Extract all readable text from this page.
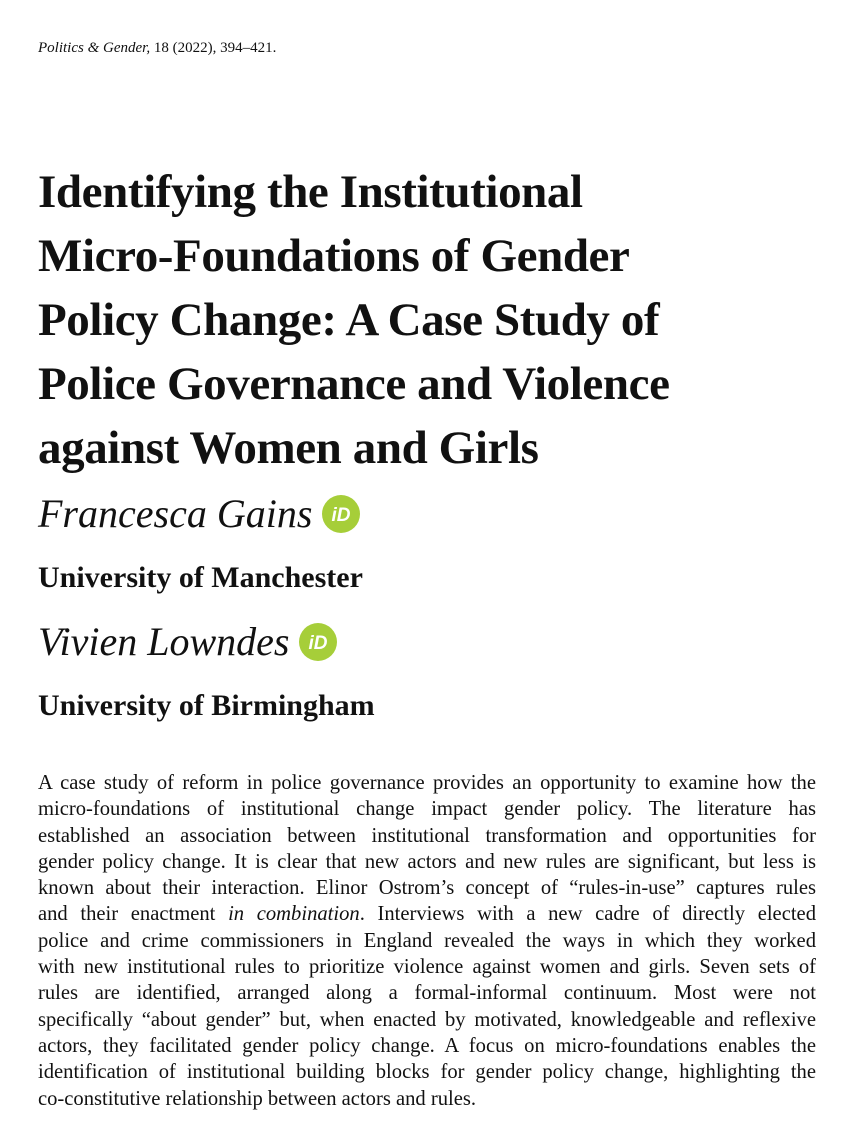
Politics & Gender, 18 (2022), 394–421.
Identifying the Institutional
Micro-Foundations of Gender
Policy Change: A Case Study of
Police Governance and Violence
against Women and Girls
Francesca Gains iD
University of Manchester
Vivien Lowndes iD
University of Birmingham
A case study of reform in police governance provides an opportunity to examine how the
micro-foundations of institutional change impact gender policy. The literature has
established an association between institutional transformation and opportunities for
gender policy change. It is clear that new actors and new rules are significant, but less is
known about their interaction. Elinor Ostrom’s concept of “rules-in-use” captures rules
and their enactment in combination. Interviews with a new cadre of directly elected
police and crime commissioners in England revealed the ways in which they worked
with new institutional rules to prioritize violence against women and girls. Seven sets of
rules are identified, arranged along a formal-informal continuum. Most were not
specifically “about gender” but, when enacted by motivated, knowledgeable and reflexive
actors, they facilitated gender policy change. A focus on micro-foundations enables the
identification of institutional building blocks for gender policy change, highlighting the
co-constitutive relationship between actors and rules.
